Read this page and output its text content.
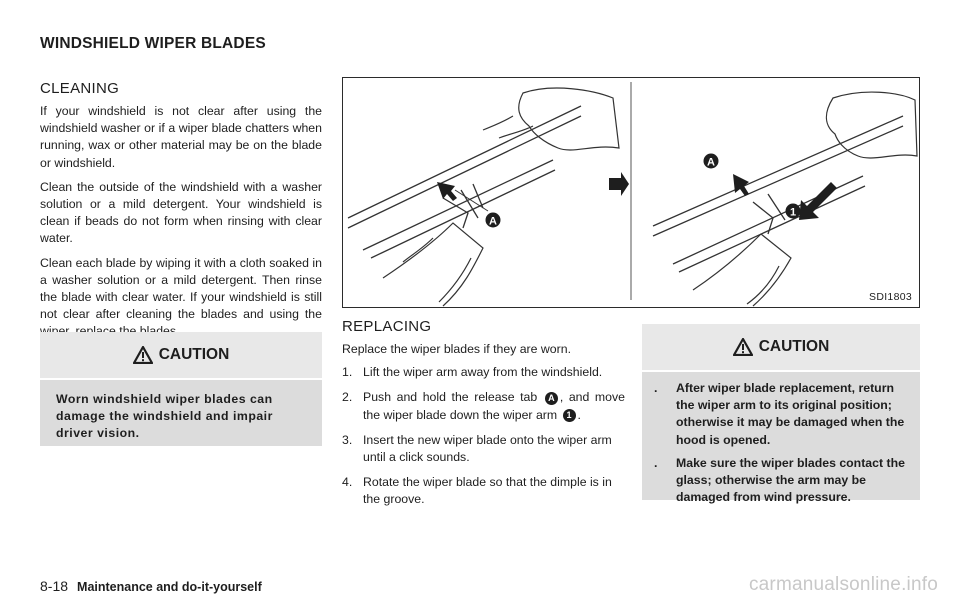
WINDSHIELD WIPER BLADES
CLEANING

If your windshield is not clear after using the windshield washer or if a wiper blade chatters when running, wax or other material may be on the blade or windshield.

Clean the outside of the windshield with a washer solution or a mild detergent. Your windshield is clean if beads do not form when rinsing with clear water.

Clean each blade by wiping it with a cloth soaked in a washer solution or a mild detergent. Then rinse the blade with clear water. If your windshield is still not clear after cleaning the blades and using the

CAUTION
Worn windshield wiper blades can damage the windshield and impair driver vision.
A
A
1
SDI1803
REPLACING

Replace the wiper blades if they are worn.

1. Lift the wiper arm away from the windshield.
2. Push and hold the release tab A , and move the wiper blade down the wiper arm 1 .
3. Insert the new wiper blade onto the wiper arm until a click sounds.
4. Rotate the wiper blade so that the dimple is in the groove.
CAUTION
.	After wiper blade replacement, return the wiper arm to its original position; otherwise it may be damaged when the hood is opened.
.	Make sure the wiper blades contact the glass; otherwise the arm may be damaged from wind pressure.
8-18 Maintenance and do-it-yourself	carmanualsonline.info
